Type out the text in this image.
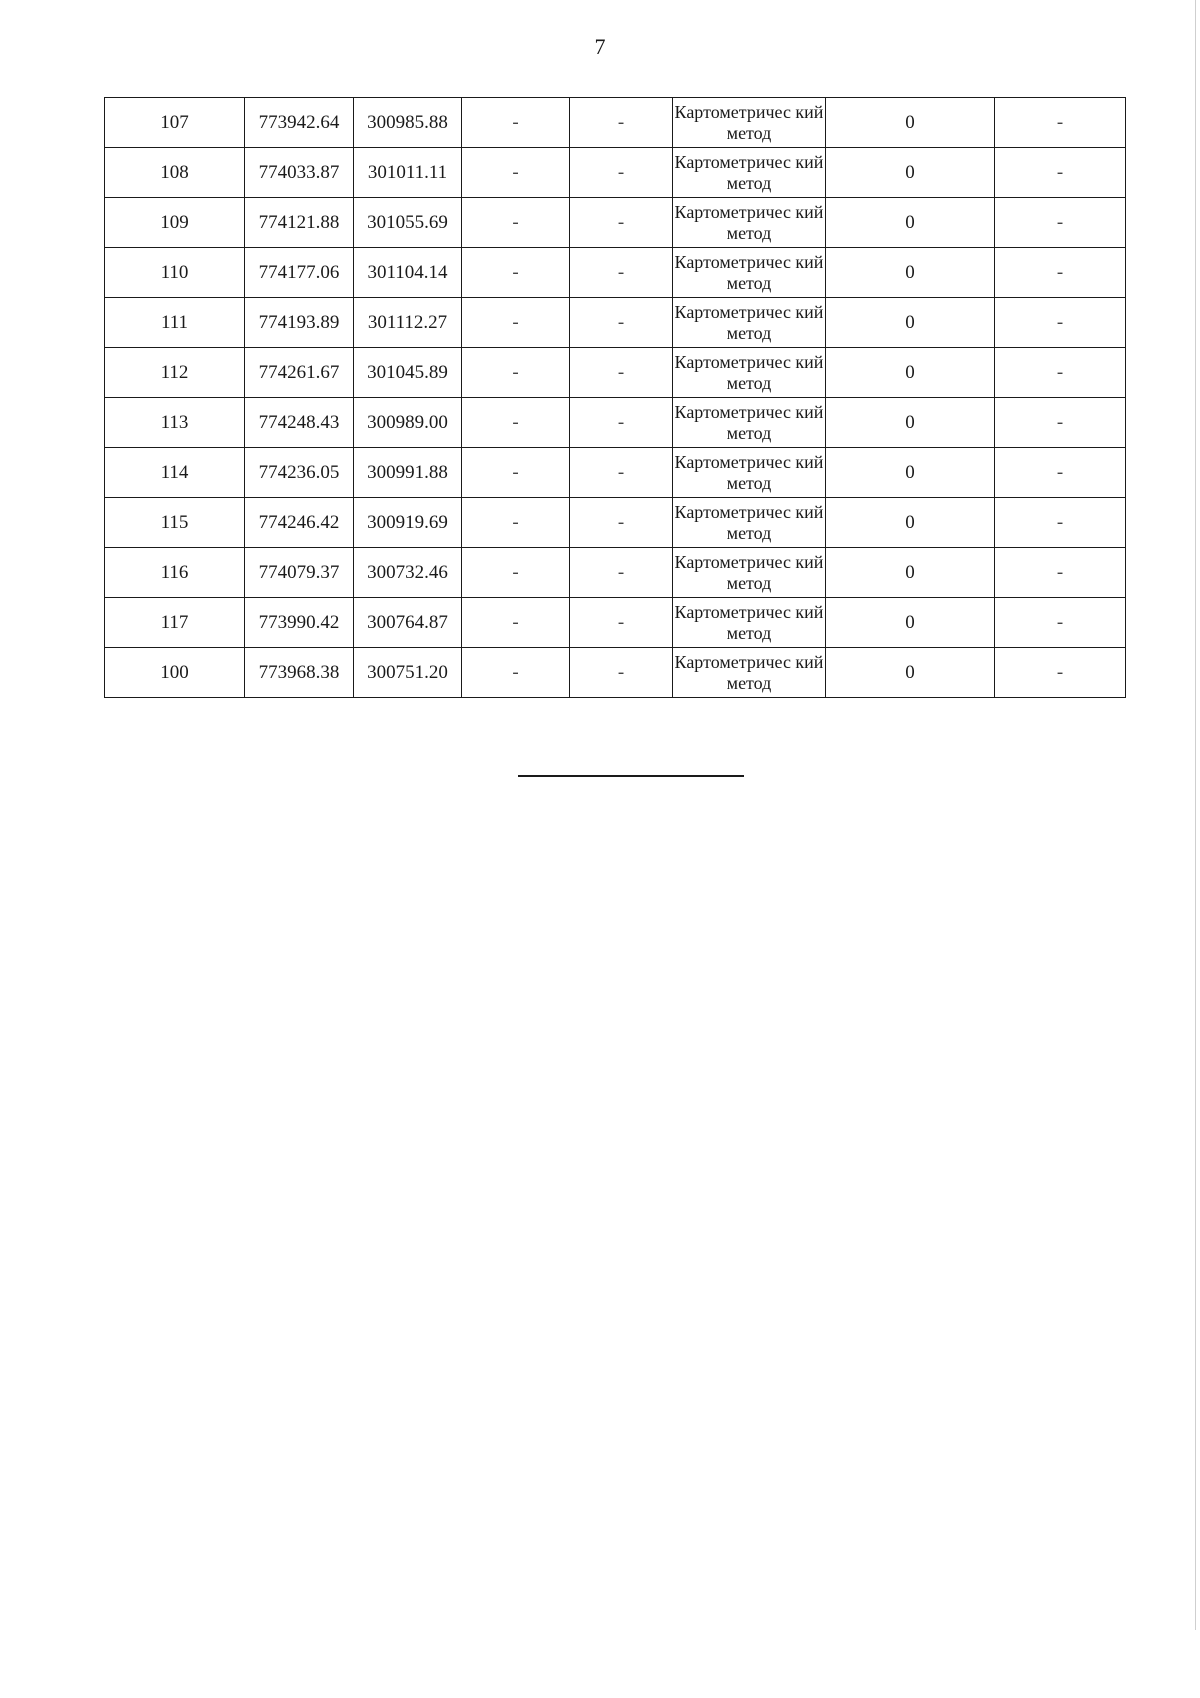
7
107	773942.64	300985.88	-	-	Картометричес кий метод	0	-
108	774033.87	301011.11	-	-	Картометричес кий метод	0	-
109	774121.88	301055.69	-	-	Картометричес кий метод	0	-
110	774177.06	301104.14	-	-	Картометричес кий метод	0	-
111	774193.89	301112.27	-	-	Картометричес кий метод	0	-
112	774261.67	301045.89	-	-	Картометричес кий метод	0	-
113	774248.43	300989.00	-	-	Картометричес кий метод	0	-
114	774236.05	300991.88	-	-	Картометричес кий метод	0	-
115	774246.42	300919.69	-	-	Картометричес кий метод	0	-
116	774079.37	300732.46	-	-	Картометричес кий метод	0	-
117	773990.42	300764.87	-	-	Картометричес кий метод	0	-
100	773968.38	300751.20	-	-	Картометричес кий метод	0	-
